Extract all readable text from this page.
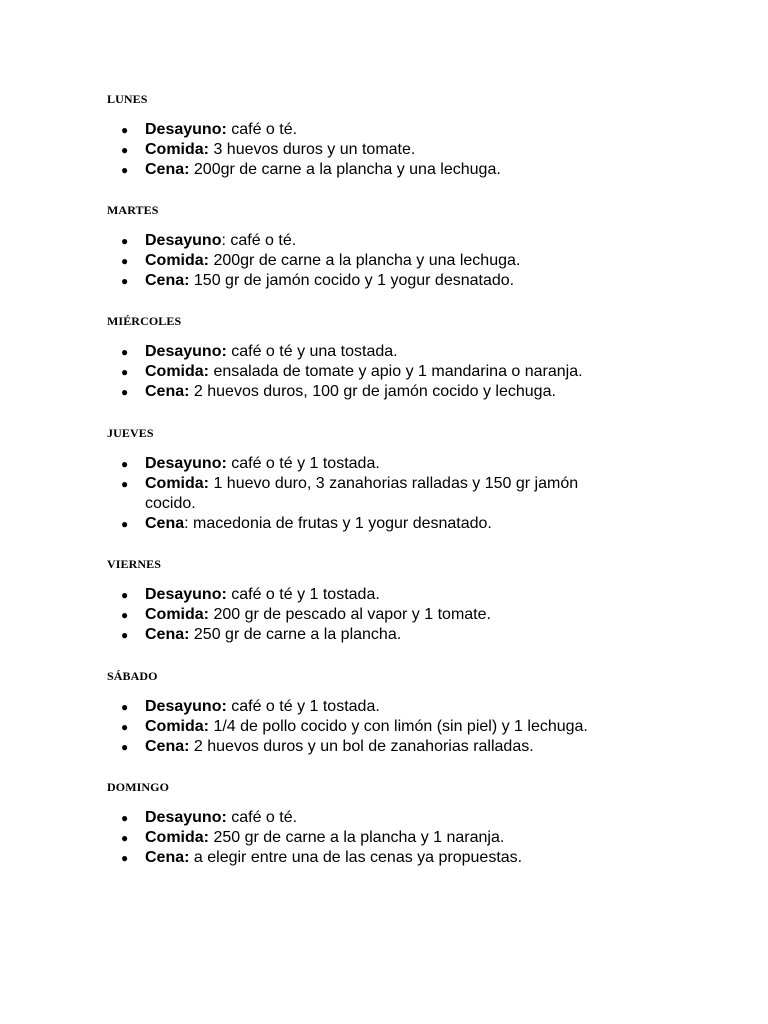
LUNES
● Desayuno: café o té.
● Comida: 3 huevos duros y un tomate.
● Cena: 200gr de carne a la plancha y una lechuga.
MARTES
● Desayuno: café o té.
● Comida: 200gr de carne a la plancha y una lechuga.
● Cena: 150 gr de jamón cocido y 1 yogur desnatado.
MIÉRCOLES
● Desayuno: café o té y una tostada.
● Comida: ensalada de tomate y apio y 1 mandarina o naranja.
● Cena: 2 huevos duros, 100 gr de jamón cocido y lechuga.
JUEVES
● Desayuno: café o té y 1 tostada.
● Comida: 1 huevo duro, 3 zanahorias ralladas y 150 gr jamón cocido.
● Cena: macedonia de frutas y 1 yogur desnatado.
VIERNES
● Desayuno: café o té y 1 tostada.
● Comida: 200 gr de pescado al vapor y 1 tomate.
● Cena: 250 gr de carne a la plancha.
SÁBADO
● Desayuno: café o té y 1 tostada.
● Comida: 1/4 de pollo cocido y con limón (sin piel) y 1 lechuga.
● Cena: 2 huevos duros y un bol de zanahorias ralladas.
DOMINGO
● Desayuno: café o té.
● Comida: 250 gr de carne a la plancha y 1 naranja.
● Cena: a elegir entre una de las cenas ya propuestas.
